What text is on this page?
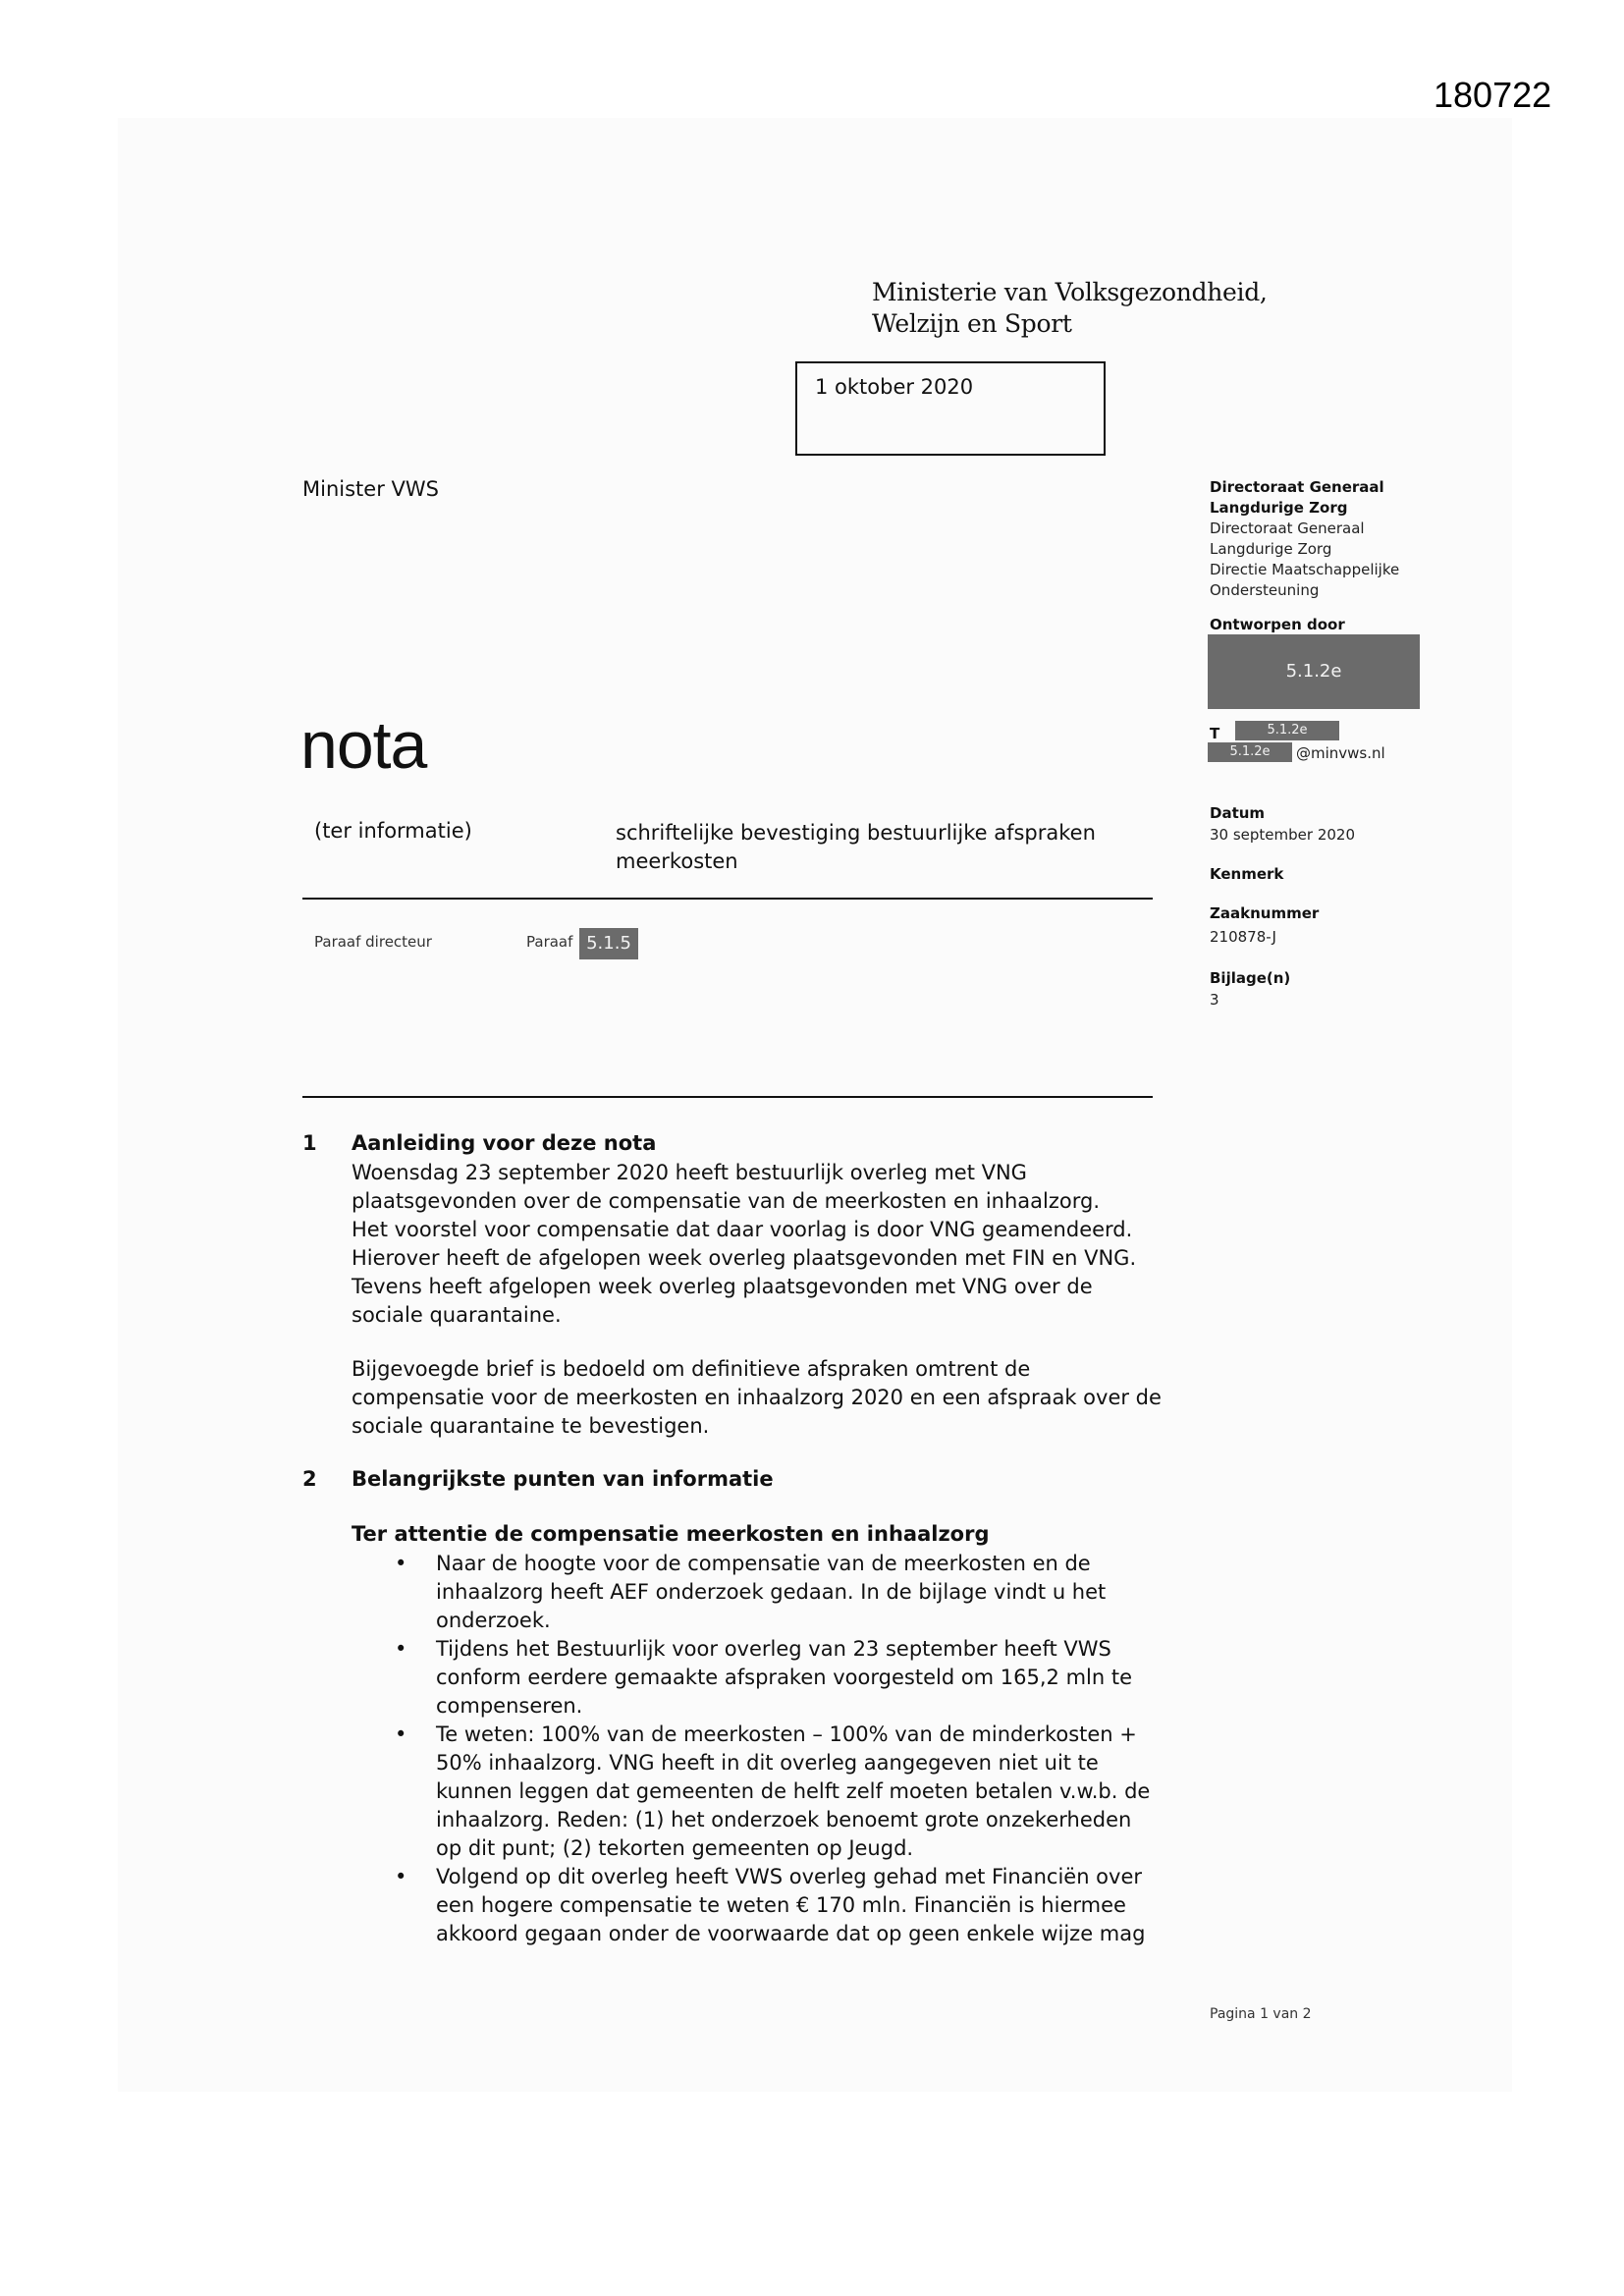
180722
Ministerie van Volksgezondheid,
Welzijn en Sport
1 oktober 2020
Minister VWS
nota
(ter informatie)	schriftelijke bevestiging bestuurlijke afspraken meerkosten
Paraaf directeur	Paraaf 5.1.5
Directoraat Generaal
Langdurige Zorg
Directoraat Generaal
Langdurige Zorg
Directie Maatschappelijke
Ondersteuning
Ontworpen door
5.1.2e
T	5.1.2e
5.1.2e	@minvws.nl
Datum
30 september 2020
Kenmerk
Zaaknummer
210878-J
Bijlage(n)
3
1 Aanleiding voor deze nota
Woensdag 23 september 2020 heeft bestuurlijk overleg met VNG
plaatsgevonden over de compensatie van de meerkosten en inhaalzorg.
Het voorstel voor compensatie dat daar voorlag is door VNG geamendeerd.
Hierover heeft de afgelopen week overleg plaatsgevonden met FIN en VNG.
Tevens heeft afgelopen week overleg plaatsgevonden met VNG over de
sociale quarantaine.
Bijgevoegde brief is bedoeld om definitieve afspraken omtrent de
compensatie voor de meerkosten en inhaalzorg 2020 en een afspraak over de
sociale quarantaine te bevestigen.
2 Belangrijkste punten van informatie
Ter attentie de compensatie meerkosten en inhaalzorg
• Naar de hoogte voor de compensatie van de meerkosten en de
inhaalzorg heeft AEF onderzoek gedaan. In de bijlage vindt u het
onderzoek.
• Tijdens het Bestuurlijk voor overleg van 23 september heeft VWS
conform eerdere gemaakte afspraken voorgesteld om 165,2 mln te
compenseren.
• Te weten: 100% van de meerkosten – 100% van de minderkosten +
50% inhaalzorg. VNG heeft in dit overleg aangegeven niet uit te
kunnen leggen dat gemeenten de helft zelf moeten betalen v.w.b. de
inhaalzorg. Reden: (1) het onderzoek benoemt grote onzekerheden
op dit punt; (2) tekorten gemeenten op Jeugd.
• Volgend op dit overleg heeft VWS overleg gehad met Financiën over
een hogere compensatie te weten € 170 mln. Financiën is hiermee
akkoord gegaan onder de voorwaarde dat op geen enkele wijze mag
Pagina 1 van 2
